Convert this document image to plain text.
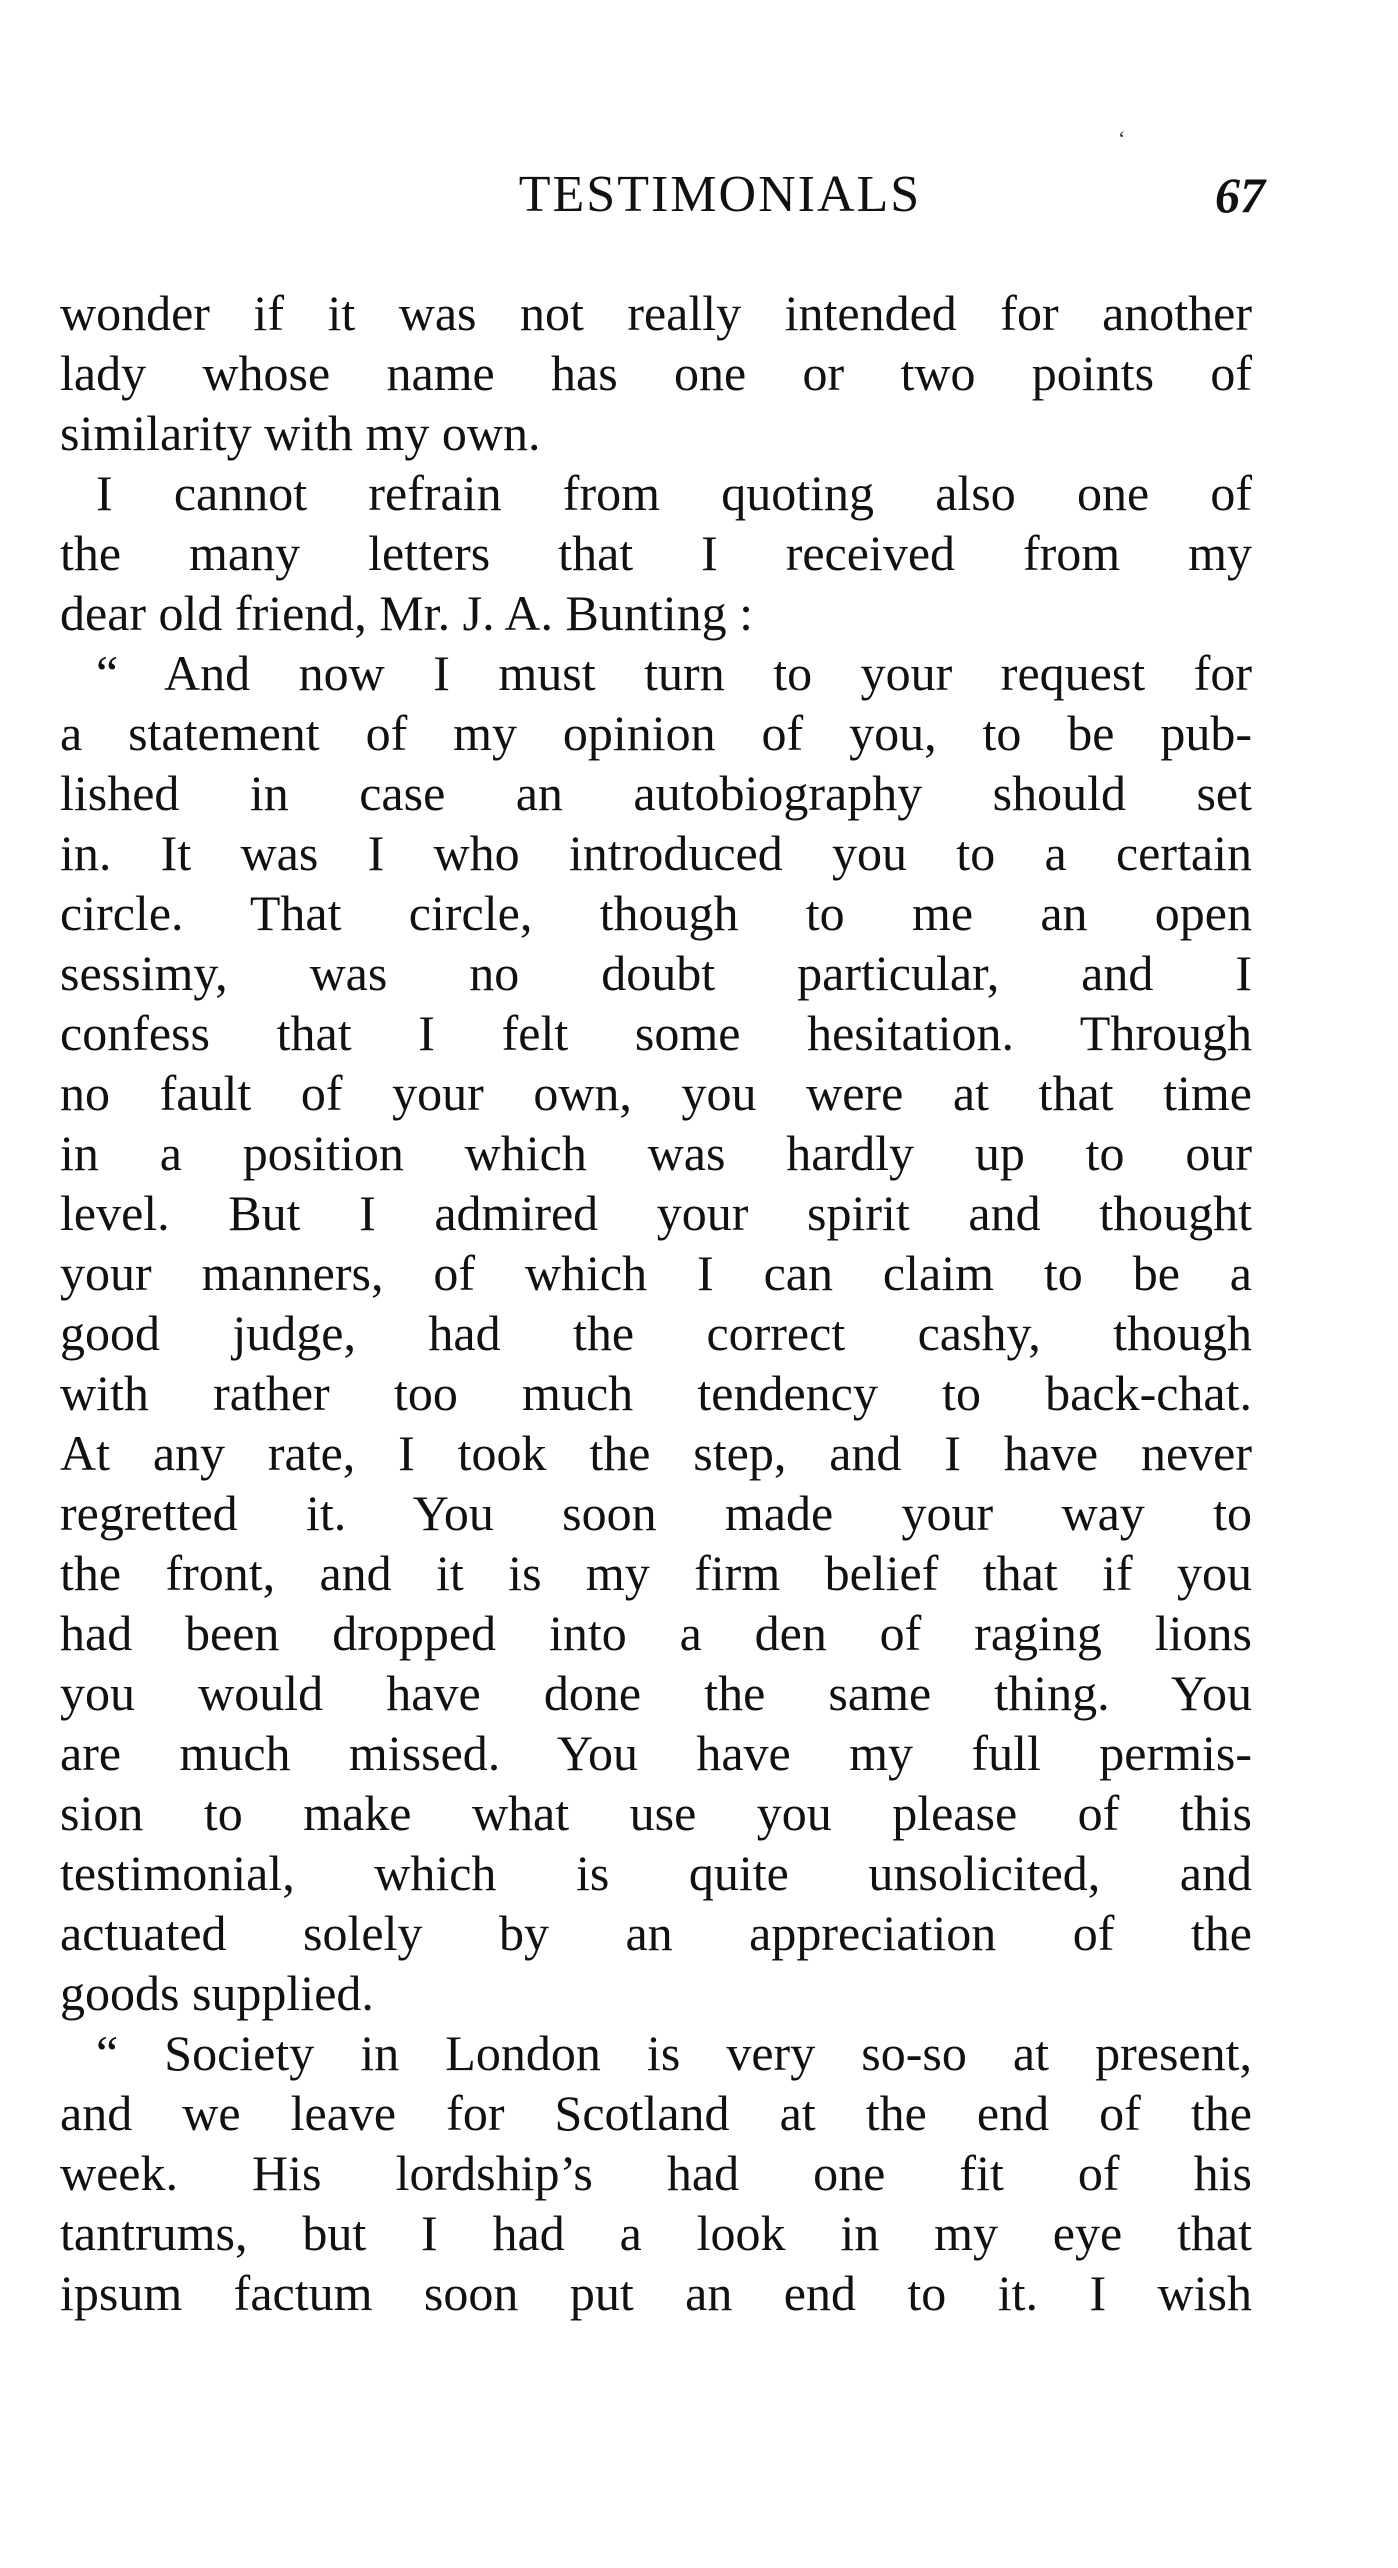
ʻ
TESTIMONIALS	67
wonder if it was not really intended for another
lady whose name has one or two points of
similarity with my own.
I cannot refrain from quoting also one of
the many letters that I received from my
dear old friend, Mr. J. A. Bunting :
“ And now I must turn to your request for
a statement of my opinion of you, to be pub-
lished in case an autobiography should set
in. It was I who introduced you to a certain
circle. That circle, though to me an open
sessimy, was no doubt particular, and I
confess that I felt some hesitation. Through
no fault of your own, you were at that time
in a position which was hardly up to our
level. But I admired your spirit and thought
your manners, of which I can claim to be a
good judge, had the correct cashy, though
with rather too much tendency to back-chat.
At any rate, I took the step, and I have never
regretted it. You soon made your way to
the front, and it is my firm belief that if you
had been dropped into a den of raging lions
you would have done the same thing. You
are much missed. You have my full permis-
sion to make what use you please of this
testimonial, which is quite unsolicited, and
actuated solely by an appreciation of the
goods supplied.
“ Society in London is very so-so at present,
and we leave for Scotland at the end of the
week. His lordship’s had one fit of his
tantrums, but I had a look in my eye that
ipsum factum soon put an end to it. I wish
